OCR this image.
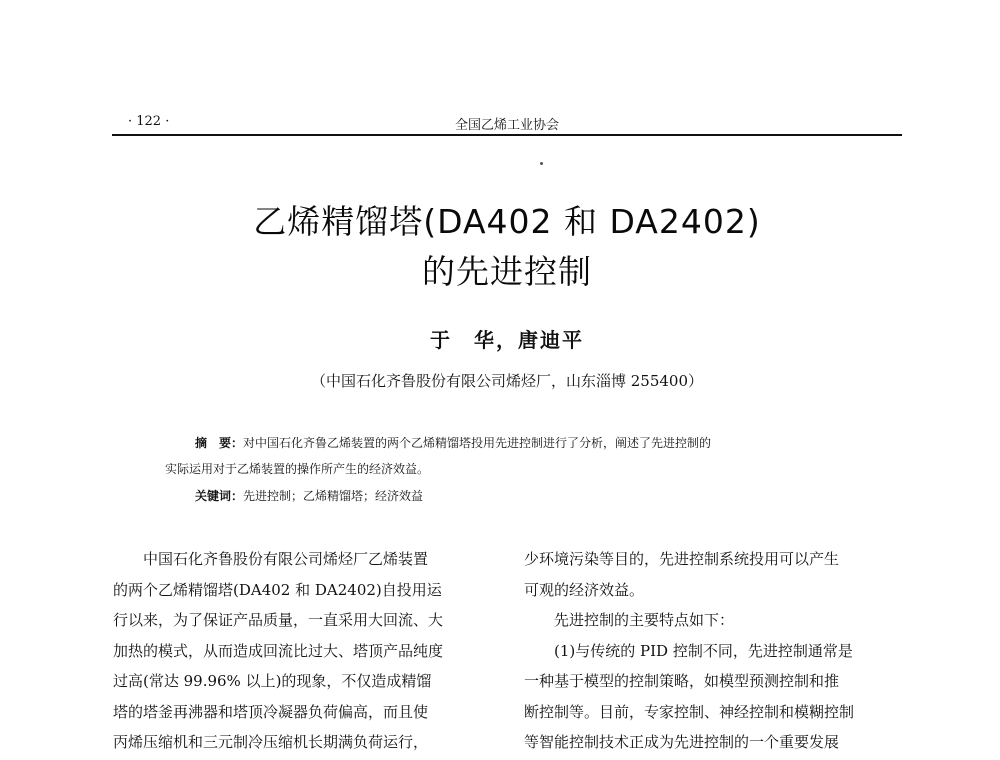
· 122 ·	全国乙烯工业协会
乙烯精馏塔(DA402 和 DA2402)
的先进控制
于　华，唐迪平
（中国石化齐鲁股份有限公司烯烃厂，山东淄博 255400）
摘　要：对中国石化齐鲁乙烯装置的两个乙烯精馏塔投用先进控制进行了分析，阐述了先进控制的
实际运用对于乙烯装置的操作所产生的经济效益。
关键词：先进控制；乙烯精馏塔；经济效益
中国石化齐鲁股份有限公司烯烃厂乙烯装置
的两个乙烯精馏塔(DA402 和 DA2402)自投用运
行以来，为了保证产品质量，一直采用大回流、大
加热的模式，从而造成回流比过大、塔顶产品纯度
过高(常达 99.96% 以上)的现象，不仅造成精馏
塔的塔釜再沸器和塔顶冷凝器负荷偏高，而且使
丙烯压缩机和三元制冷压缩机长期满负荷运行，
少环境污染等目的，先进控制系统投用可以产生
可观的经济效益。
先进控制的主要特点如下：
(1)与传统的 PID 控制不同，先进控制通常是
一种基于模型的控制策略，如模型预测控制和推
断控制等。目前，专家控制、神经控制和模糊控制
等智能控制技术正成为先进控制的一个重要发展
